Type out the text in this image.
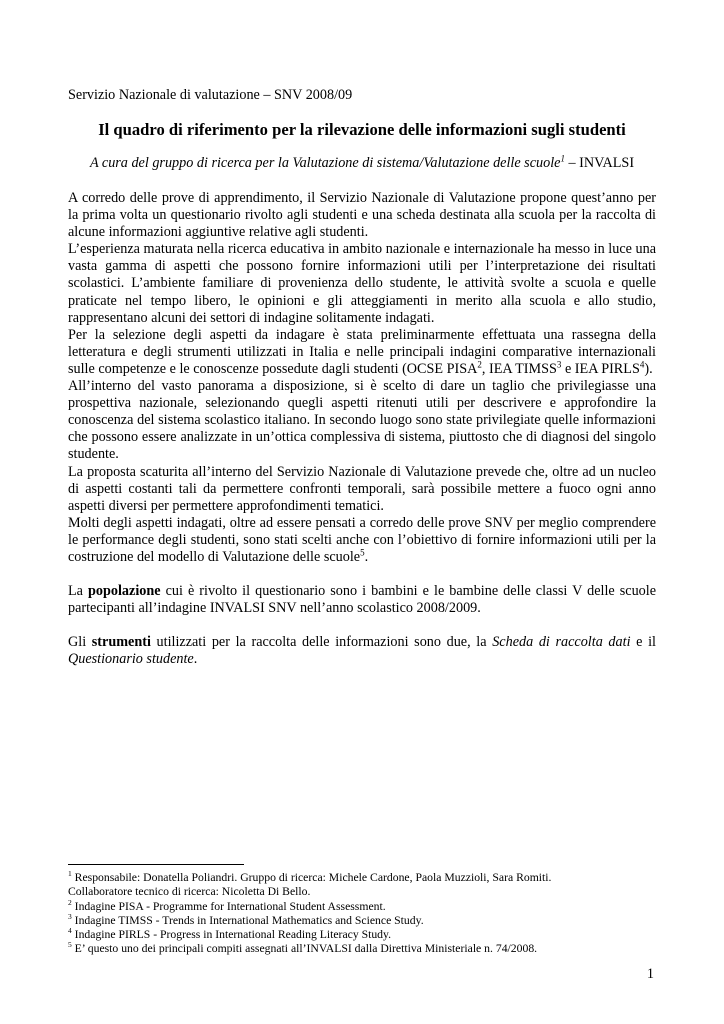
Servizio Nazionale di valutazione – SNV 2008/09
Il quadro di riferimento per la rilevazione delle informazioni sugli studenti
A cura del gruppo di ricerca per la Valutazione di sistema/Valutazione delle scuole$^1$ – INVALSI

A corredo delle prove di apprendimento, il Servizio Nazionale di Valutazione propone quest’anno per la prima volta un questionario rivolto agli studenti e una scheda destinata alla scuola per la raccolta di alcune informazioni aggiuntive relative agli studenti.

L’esperienza maturata nella ricerca educativa in ambito nazionale e internazionale ha messo in luce una vasta gamma di aspetti che possono fornire informazioni utili per l’interpretazione dei risultati scolastici. L’ambiente familiare di provenienza dello studente, le attività svolte a scuola e quelle praticate nel tempo libero, le opinioni e gli atteggiamenti in merito alla scuola e allo studio, rappresentano alcuni dei settori di indagine solitamente indagati.

Per la selezione degli aspetti da indagare è stata preliminarmente effettuata una rassegna della letteratura e degli strumenti utilizzati in Italia e nelle principali indagini comparative internazionali sulle competenze e le conoscenze possedute dagli studenti (OCSE PISA$^2$, IEA TIMSS$^3$ e IEA PIRLS$^4$).

All’interno del vasto panorama a disposizione, si è scelto di dare un taglio che privilegiasse una prospettiva nazionale, selezionando quegli aspetti ritenuti utili per descrivere e approfondire la conoscenza del sistema scolastico italiano. In secondo luogo sono state privilegiate quelle informazioni che possono essere analizzate in un’ottica complessiva di sistema, piuttosto che di diagnosi del singolo studente.

La proposta scaturita all’interno del Servizio Nazionale di Valutazione prevede che, oltre ad un nucleo di aspetti costanti tali da permettere confronti temporali, sarà possibile mettere a fuoco ogni anno aspetti diversi per permettere approfondimenti tematici.

Molti degli aspetti indagati, oltre ad essere pensati a corredo delle prove SNV per meglio comprendere le performance degli studenti, sono stati scelti anche con l’obiettivo di fornire informazioni utili per la costruzione del modello di Valutazione delle scuole$^5$.

La popolazione cui è rivolto il questionario sono i bambini e le bambine delle classi V delle scuole partecipanti all’indagine INVALSI SNV nell’anno scolastico 2008/2009.

Gli strumenti utilizzati per la raccolta delle informazioni sono due, la Scheda di raccolta dati e il Questionario studente.

$^1$ Responsabile: Donatella Poliandri. Gruppo di ricerca: Michele Cardone, Paola Muzzioli, Sara Romiti.

Collaboratore tecnico di ricerca: Nicoletta Di Bello.

$^2$ Indagine PISA - Programme for International Student Assessment.

$^3$ Indagine TIMSS - Trends in International Mathematics and Science Study.

$^4$ Indagine PIRLS - Progress in International Reading Literacy Study.

$^5$ E’ questo uno dei principali compiti assegnati all’INVALSI dalla Direttiva Ministeriale n. 74/2008.

1
